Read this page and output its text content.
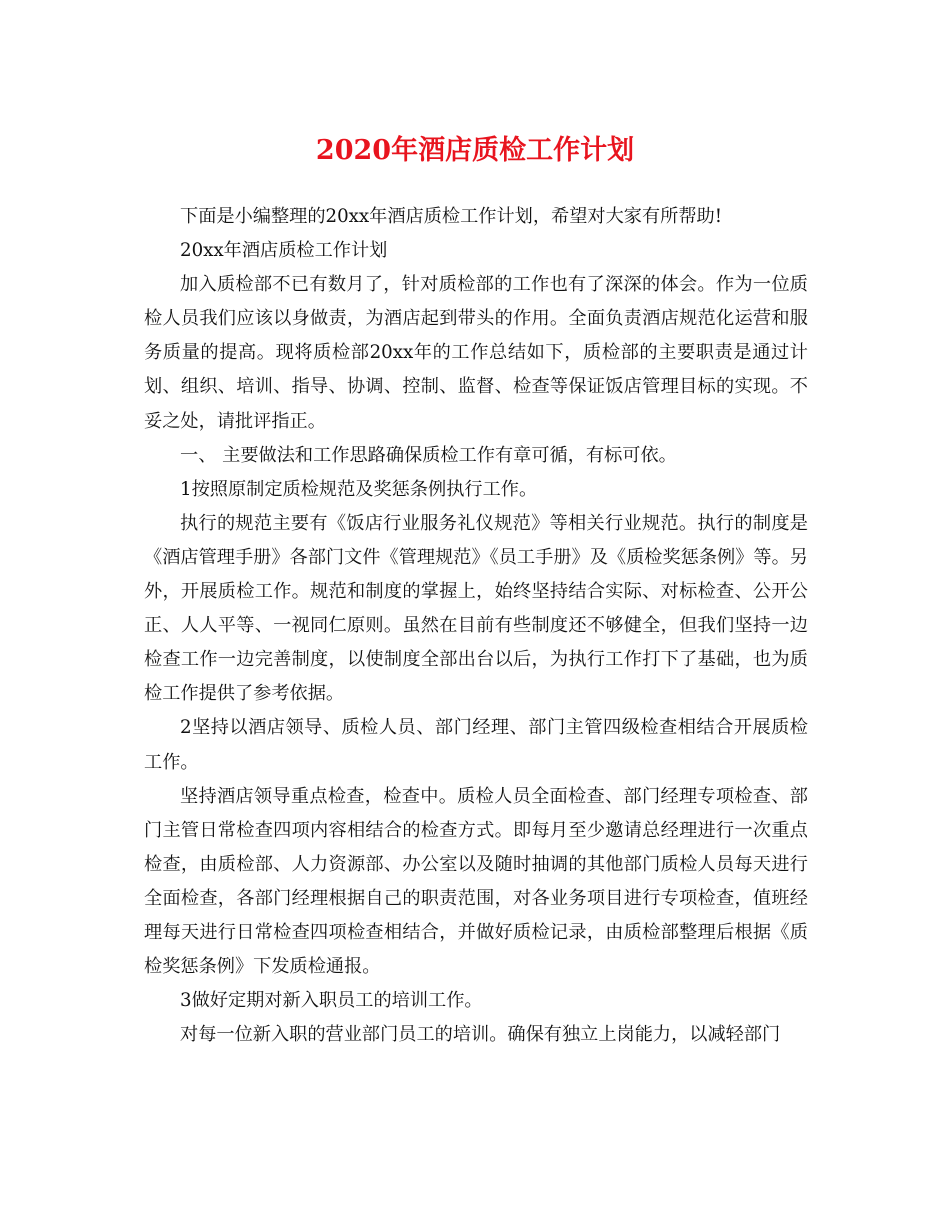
2020年酒店质检工作计划

下面是小编整理的20xx年酒店质检工作计划，希望对大家有所帮助!

20xx年酒店质检工作计划

加入质检部不已有数月了，针对质检部的工作也有了深深的体会。作为一位质检人员我们应该以身做责，为酒店起到带头的作用。全面负责酒店规范化运营和服务质量的提高。现将质检部20xx年的工作总结如下，质检部的主要职责是通过计划、组织、培训、指导、协调、控制、监督、检查等保证饭店管理目标的实现。不妥之处，请批评指正。

一、 主要做法和工作思路确保质检工作有章可循，有标可依。

1按照原制定质检规范及奖惩条例执行工作。

执行的规范主要有《饭店行业服务礼仪规范》等相关行业规范。执行的制度是《酒店管理手册》各部门文件《管理规范》《员工手册》及《质检奖惩条例》等。另外，开展质检工作。规范和制度的掌握上，始终坚持结合实际、对标检查、公开公正、人人平等、一视同仁原则。虽然在目前有些制度还不够健全，但我们坚持一边检查工作一边完善制度，以使制度全部出台以后，为执行工作打下了基础，也为质检工作提供了参考依据。

2坚持以酒店领导、质检人员、部门经理、部门主管四级检查相结合开展质检工作。

坚持酒店领导重点检查，检查中。质检人员全面检查、部门经理专项检查、部门主管日常检查四项内容相结合的检查方式。即每月至少邀请总经理进行一次重点检查，由质检部、人力资源部、办公室以及随时抽调的其他部门质检人员每天进行全面检查，各部门经理根据自己的职责范围，对各业务项目进行专项检查，值班经理每天进行日常检查四项检查相结合，并做好质检记录，由质检部整理后根据《质检奖惩条例》下发质检通报。

3做好定期对新入职员工的培训工作。

对每一位新入职的营业部门员工的培训。确保有独立上岗能力，以减轻部门
